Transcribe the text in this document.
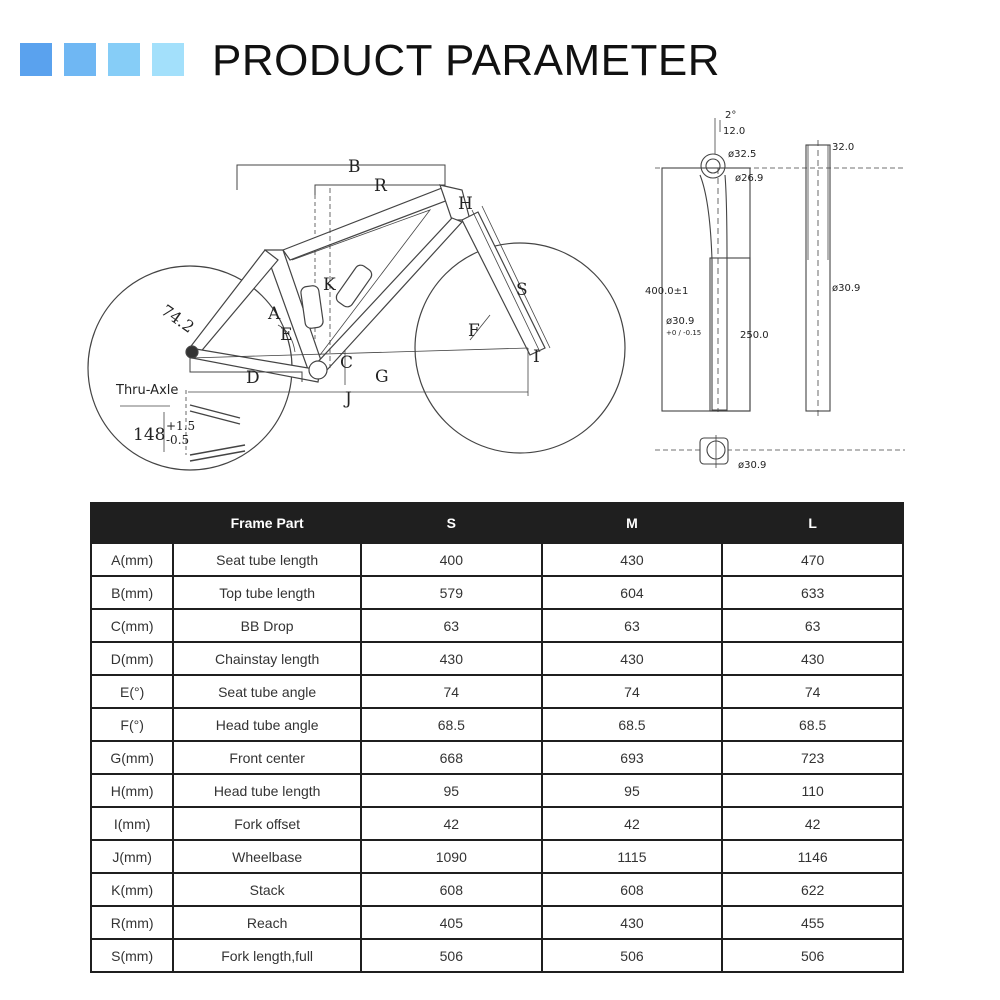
PRODUCT PARAMETER
B
R
H
K	S
A
E	F
C
G
D
J
I
74.2
Thru-Axle
148 +1.5
-0.5
2°
12.0
ø32.5
ø26.9
400.0±1
ø30.9
+0 / -0.15	250.0
32.0
ø30.9
ø30.9
	Frame Part	S	M	L
A(mm)	Seat tube length	400	430	470
B(mm)	Top tube length	579	604	633
C(mm)	BB Drop	63	63	63
D(mm)	Chainstay length	430	430	430
E(°)	Seat tube angle	74	74	74
F(°)	Head tube angle	68.5	68.5	68.5
G(mm)	Front center	668	693	723
H(mm)	Head tube length	95	95	110
I(mm)	Fork offset	42	42	42
J(mm)	Wheelbase	1090	1115	1146
K(mm)	Stack	608	608	622
R(mm)	Reach	405	430	455
S(mm)	Fork length,full	506	506	506
